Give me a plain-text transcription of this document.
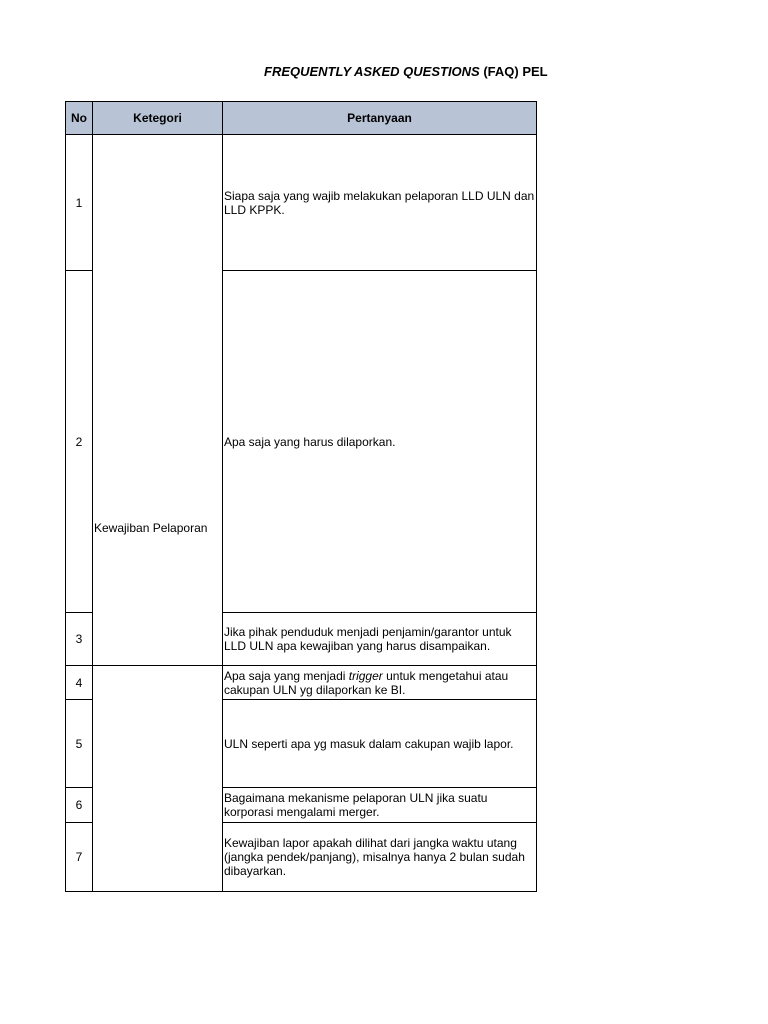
FREQUENTLY ASKED QUESTIONS (FAQ) PEL
No	Ketegori	Pertanyaan
1	Kewajiban Pelaporan	Siapa saja yang wajib melakukan pelaporan LLD ULN dan LLD KPPK.
2		Apa saja yang harus dilaporkan.
3		Jika pihak penduduk menjadi penjamin/garantor untuk LLD ULN apa kewajiban yang harus disampaikan.
4		Apa saja yang menjadi trigger untuk mengetahui atau cakupan ULN yg dilaporkan ke BI.
5		ULN seperti apa yg masuk dalam cakupan wajib lapor.
6		Bagaimana mekanisme pelaporan ULN jika suatu korporasi mengalami merger.
7		Kewajiban lapor apakah dilihat dari jangka waktu utang (jangka pendek/panjang), misalnya hanya 2 bulan sudah dibayarkan.
